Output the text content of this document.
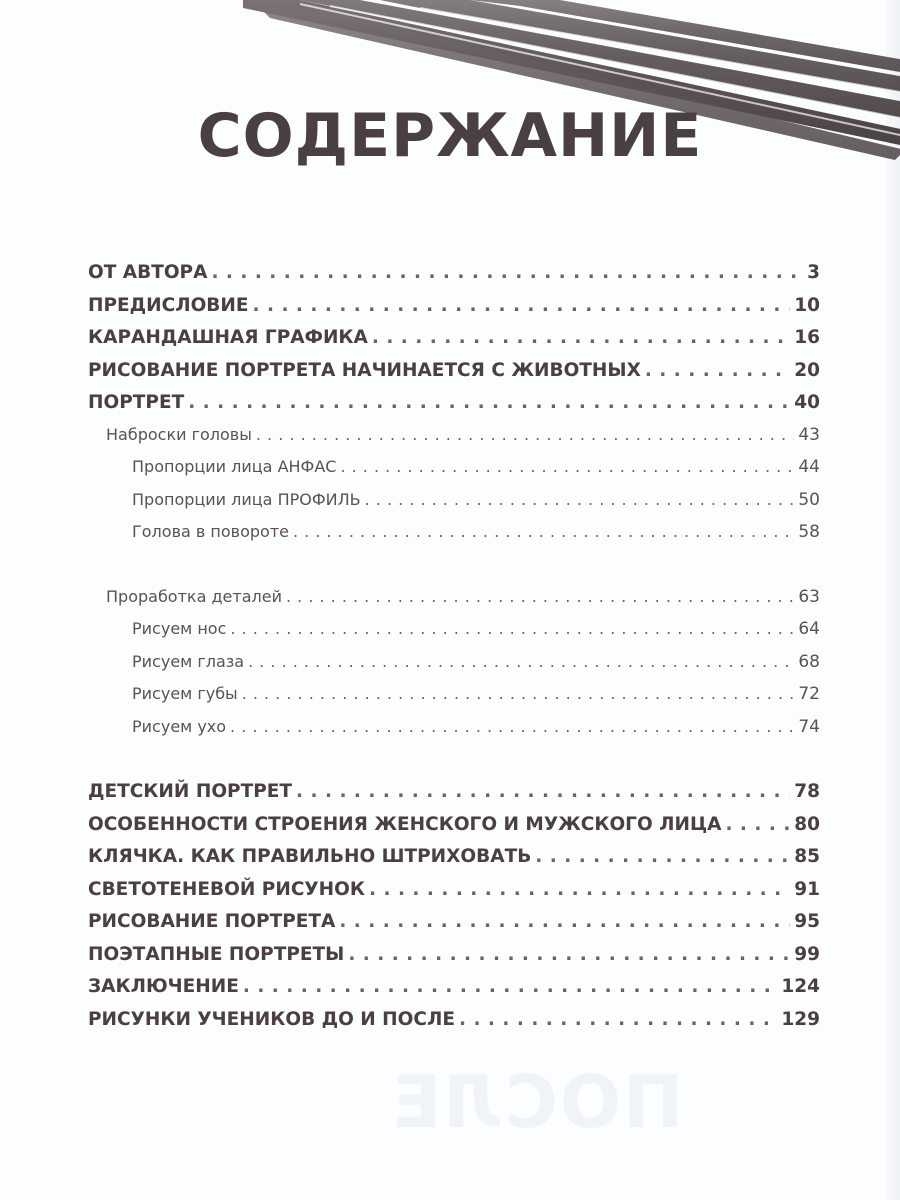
СОДЕРЖАНИЕ
ПОСЛЕ
ОТ АВТОРА . . .	3
ПРЕДИСЛОВИЕ . . .	10
КАРАНДАШНАЯ ГРАФИКА . . .	16
РИСОВАНИЕ ПОРТРЕТА НАЧИНАЕТСЯ С ЖИВОТНЫХ . . .	20
ПОРТРЕТ . . .	40
Наброски головы . . .	43
Пропорции лица АНФАС . . .	44
Пропорции лица ПРОФИЛЬ . . .	50
Голова в повороте . . .	58
Проработка деталей . . .	63
Рисуем нос . . .	64
Рисуем глаза . . .	68
Рисуем губы . . .	72
Рисуем ухо . . .	74
ДЕТСКИЙ ПОРТРЕТ . . .	78
ОСОБЕННОСТИ СТРОЕНИЯ ЖЕНСКОГО И МУЖСКОГО ЛИЦА . . .	80
КЛЯЧКА. КАК ПРАВИЛЬНО ШТРИХОВАТЬ . . .	85
СВЕТОТЕНЕВОЙ РИСУНОК . . .	91
РИСОВАНИЕ ПОРТРЕТА . . .	95
ПОЭТАПНЫЕ ПОРТРЕТЫ . . .	99
ЗАКЛЮЧЕНИЕ . . .	124
РИСУНКИ УЧЕНИКОВ ДО И ПОСЛЕ . . .	129
